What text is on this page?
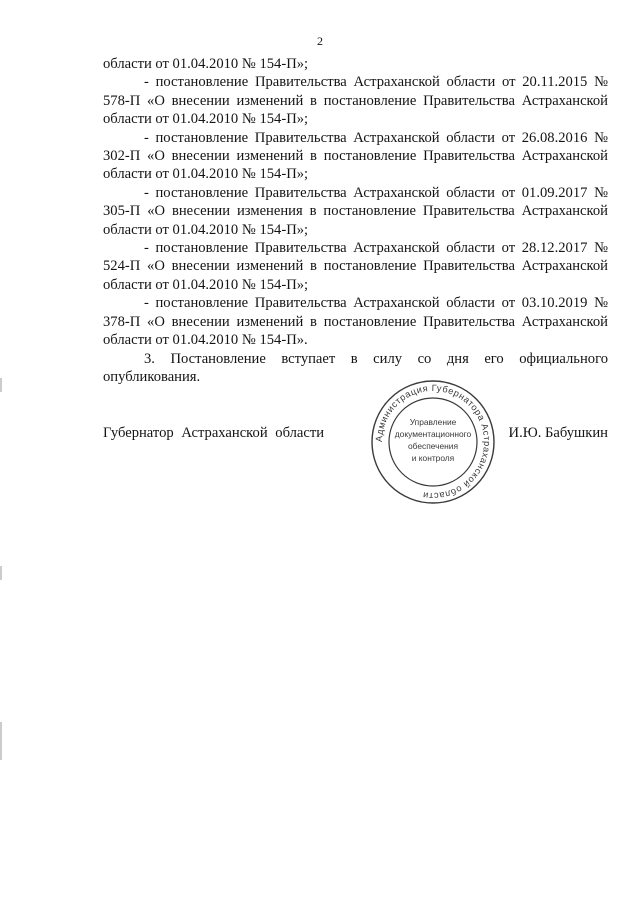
2

области от 01.04.2010 № 154-П»;

- постановление Правительства Астраханской области от 20.11.2015 № 578-П «О внесении изменений в постановление Правительства Астраханской области от 01.04.2010 № 154-П»;

- постановление Правительства Астраханской области от 26.08.2016 № 302-П «О внесении изменений в постановление Правительства Астраханской области от 01.04.2010 № 154-П»;

- постановление Правительства Астраханской области от 01.09.2017 № 305-П «О внесении изменения в постановление Правительства Астраханской области от 01.04.2010 № 154-П»;

- постановление Правительства Астраханской области от 28.12.2017 № 524-П «О внесении изменений в постановление Правительства Астраханской области от 01.04.2010 № 154-П»;

- постановление Правительства Астраханской области от 03.10.2019 № 378-П «О внесении изменений в постановление Правительства Астраханской области от 01.04.2010 № 154-П».

3. Постановление вступает в силу со дня его официального опубликования.

Губернатор Астраханской области	И.Ю. Бабушкин
Администрация Губернатора Астраханской области
Управление
документационного
обеспечения
и контроля
